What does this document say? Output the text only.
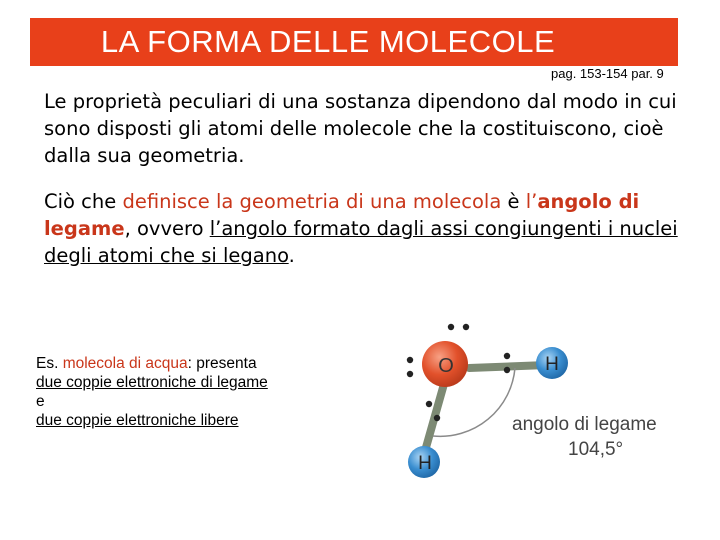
LA FORMA DELLE MOLECOLE
pag. 153-154 par. 9
Le proprietà peculiari di una sostanza dipendono dal modo in cui sono disposti gli atomi delle molecole che la costituiscono, cioè dalla sua geometria.
Ciò che definisce la geometria di una molecola è l’angolo di legame, ovvero l’angolo formato dagli assi congiungenti i nuclei degli atomi che si legano.
Es. molecola di acqua: presenta
due coppie elettroniche di legame
e
due coppie elettroniche libere
O	H
H
angolo di legame
104,5°
